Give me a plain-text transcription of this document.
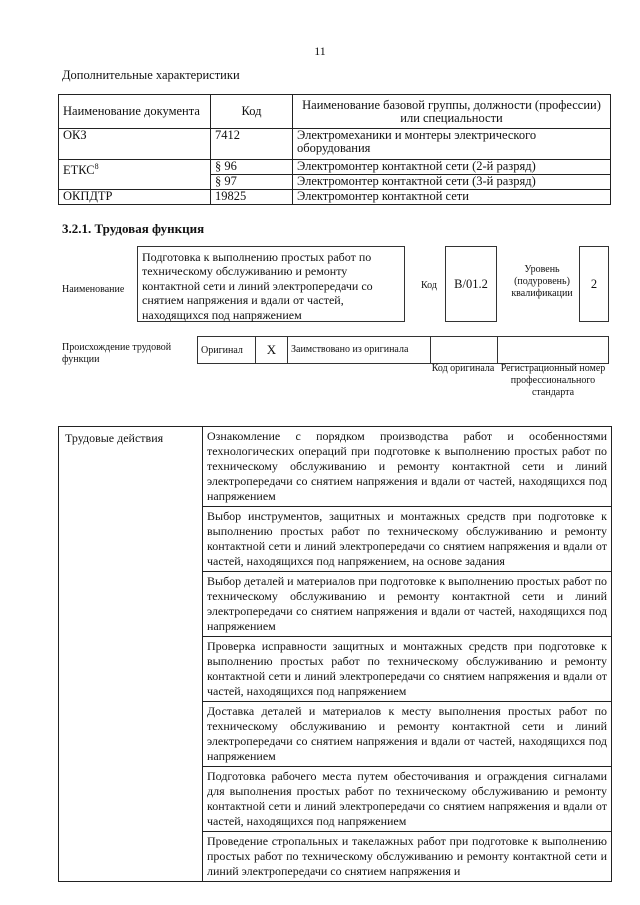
11
Дополнительные характеристики
Наименование документа	Код	Наименование базовой группы, должности (профессии) или специальности
ОКЗ	7412	Электромеханики и монтеры электрического оборудования
ЕТКС$^8$	§ 96	Электромонтер контактной сети (2-й разряд)
	§ 97	Электромонтер контактной сети (3-й разряд)
ОКПДТР	19825	Электромонтер контактной сети
3.2.1. Трудовая функция
Наименование
Подготовка к выполнению простых работ по техническому обслуживанию и ремонту контактной сети и линий электропередачи со снятием напряжения и вдали от частей, находящихся под напряжением
Код	B/01.2
Уровень (подуровень) квалификации
2
Происхождение трудовой функции
Оригинал	X	Заимствовано из оригинала		
Код оригинала Регистрационный номер профессионального стандарта
Трудовые действия	Ознакомление с порядком производства работ и особенностями технологических операций при подготовке к выполнению простых работ по техническому обслуживанию и ремонту контактной сети и линий электропередачи со снятием напряжения и вдали от частей, находящихся под напряжением
Выбор инструментов, защитных и монтажных средств при подготовке к выполнению простых работ по техническому обслуживанию и ремонту контактной сети и линий электропередачи со снятием напряжения и вдали от частей, находящихся под напряжением, на основе задания
Выбор деталей и материалов при подготовке к выполнению простых работ по техническому обслуживанию и ремонту контактной сети и линий электропередачи со снятием напряжения и вдали от частей, находящихся под напряжением
Проверка исправности защитных и монтажных средств при подготовке к выполнению простых работ по техническому обслуживанию и ремонту контактной сети и линий электропередачи со снятием напряжения и вдали от частей, находящихся под напряжением
Доставка деталей и материалов к месту выполнения простых работ по техническому обслуживанию и ремонту контактной сети и линий электропередачи со снятием напряжения и вдали от частей, находящихся под напряжением
Подготовка рабочего места путем обесточивания и ограждения сигналами для выполнения простых работ по техническому обслуживанию и ремонту контактной сети и линий электропередачи со снятием напряжения и вдали от частей, находящихся под напряжением
Проведение стропальных и такелажных работ при подготовке к выполнению простых работ по техническому обслуживанию и ремонту контактной сети и линий электропередачи со снятием напряжения и
